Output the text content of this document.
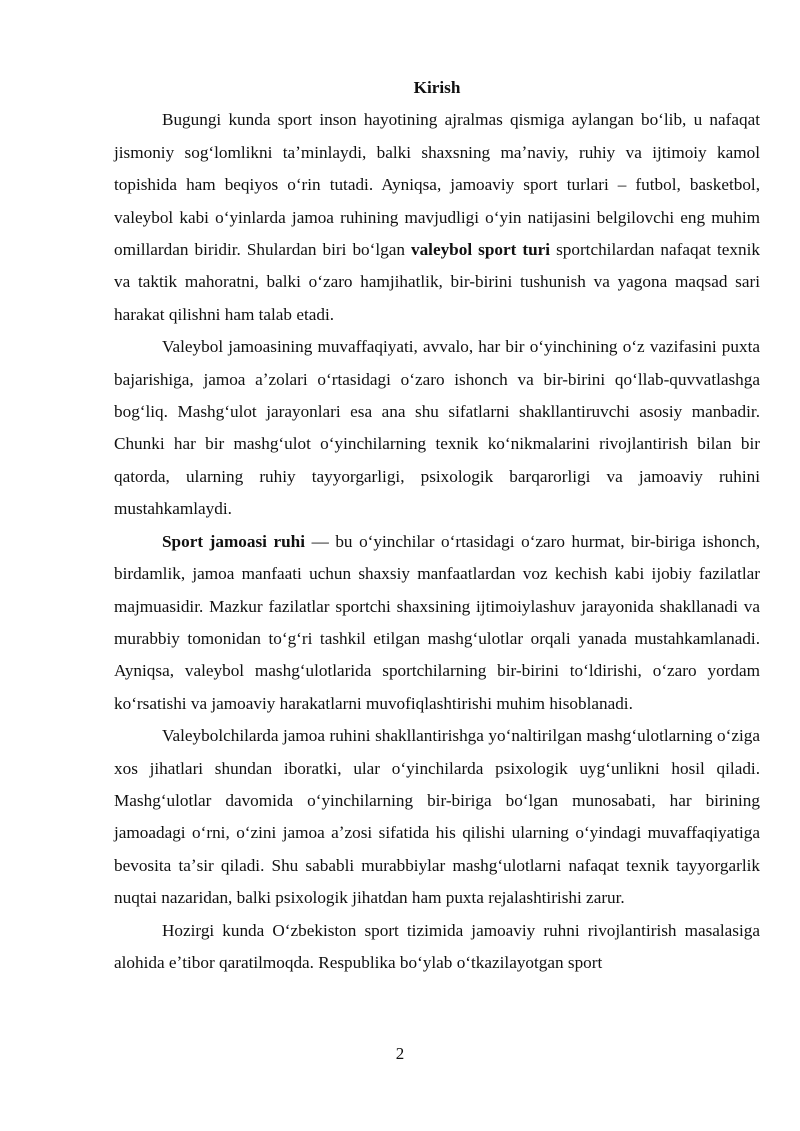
Kirish

Bugungi kunda sport inson hayotining ajralmas qismiga aylangan boʻlib, u nafaqat jismoniy sogʻlomlikni taʼminlaydi, balki shaxsning maʼnaviy, ruhiy va ijtimoiy kamol topishida ham beqiyos oʻrin tutadi. Ayniqsa, jamoaviy sport turlari – futbol, basketbol, valeybol kabi oʻyinlarda jamoa ruhining mavjudligi oʻyin natijasini belgilovchi eng muhim omillardan biridir. Shulardan biri boʻlgan valeybol sport turi sportchilardan nafaqat texnik va taktik mahoratni, balki oʻzaro hamjihatlik, bir-birini tushunish va yagona maqsad sari harakat qilishni ham talab etadi.

Valeybol jamoasining muvaffaqiyati, avvalo, har bir oʻyinchining oʻz vazifasini puxta bajarishiga, jamoa aʼzolari oʻrtasidagi oʻzaro ishonch va bir-birini qoʻllab-quvvatlashga bogʻliq. Mashgʻulot jarayonlari esa ana shu sifatlarni shakllantiruvchi asosiy manbadir. Chunki har bir mashgʻulot oʻyinchilarning texnik koʻnikmalarini rivojlantirish bilan bir qatorda, ularning ruhiy tayyorgarligi, psixologik barqarorligi va jamoaviy ruhini mustahkamlaydi.

Sport jamoasi ruhi — bu oʻyinchilar oʻrtasidagi oʻzaro hurmat, bir-biriga ishonch, birdamlik, jamoa manfaati uchun shaxsiy manfaatlardan voz kechish kabi ijobiy fazilatlar majmuasidir. Mazkur fazilatlar sportchi shaxsining ijtimoiylashuv jarayonida shakllanadi va murabbiy tomonidan toʻgʻri tashkil etilgan mashgʻulotlar orqali yanada mustahkamlanadi. Ayniqsa, valeybol mashgʻulotlarida sportchilarning bir-birini toʻldirishi, oʻzaro yordam koʻrsatishi va jamoaviy harakatlarni muvofiqlashtirishi muhim hisoblanadi.

Valeybolchilarda jamoa ruhini shakllantirishga yoʻnaltirilgan mashgʻulotlarning oʻziga xos jihatlari shundan iboratki, ular oʻyinchilarda psixologik uygʻunlikni hosil qiladi. Mashgʻulotlar davomida oʻyinchilarning bir-biriga boʻlgan munosabati, har birining jamoadagi oʻrni, oʻzini jamoa aʼzosi sifatida his qilishi ularning oʻyindagi muvaffaqiyatiga bevosita taʼsir qiladi. Shu sababli murabbiylar mashgʻulotlarni nafaqat texnik tayyorgarlik nuqtai nazaridan, balki psixologik jihatdan ham puxta rejalashtirishi zarur.

Hozirgi kunda Oʻzbekiston sport tizimida jamoaviy ruhni rivojlantirish masalasiga alohida eʼtibor qaratilmoqda. Respublika boʻylab oʻtkazilayotgan sport

2
